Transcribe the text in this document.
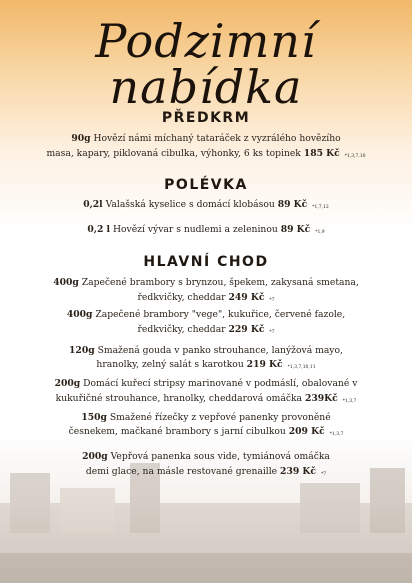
Podzimní nabídka
PŘEDKRM
90g Hovězí námi míchaný tataráček z vyzrálého hovězího
masa, kapary, piklovaná cibulka, výhonky, 6 ks topinek 185 Kč *1,3,7,10
POLÉVKA
0,2l Valašská kyselice s domácí klobásou 89 Kč *1,7,12
0,2 l Hovězí vývar s nudlemi a zeleninou 89 Kč *1,9
HLAVNÍ CHOD
400g Zapečené brambory s brynzou, špekem, zakysaná smetana,
ředkvičky, cheddar 249 Kč *7
400g Zapečené brambory "vege", kukuřice, červené fazole,
ředkvičky, cheddar 229 Kč *7
120g Smažená gouda v panko strouhance, lanýžová mayo,
hranolky, zelný salát s karotkou 219 Kč *1,3,7,10,11
200g Domácí kuřecí stripsy marinované v podmáslí, obalované v
kukuřičné strouhance, hranolky, cheddarová omáčka 239Kč *1,3,7
150g Smažené řízečky z vepřové panenky provoněné
česnekem, mačkané brambory s jarní cibulkou 209 Kč *1,3,7
200g Vepřová panenka sous vide, tymiánová omáčka
demi glace, na másle restované grenaille 239 Kč *7
